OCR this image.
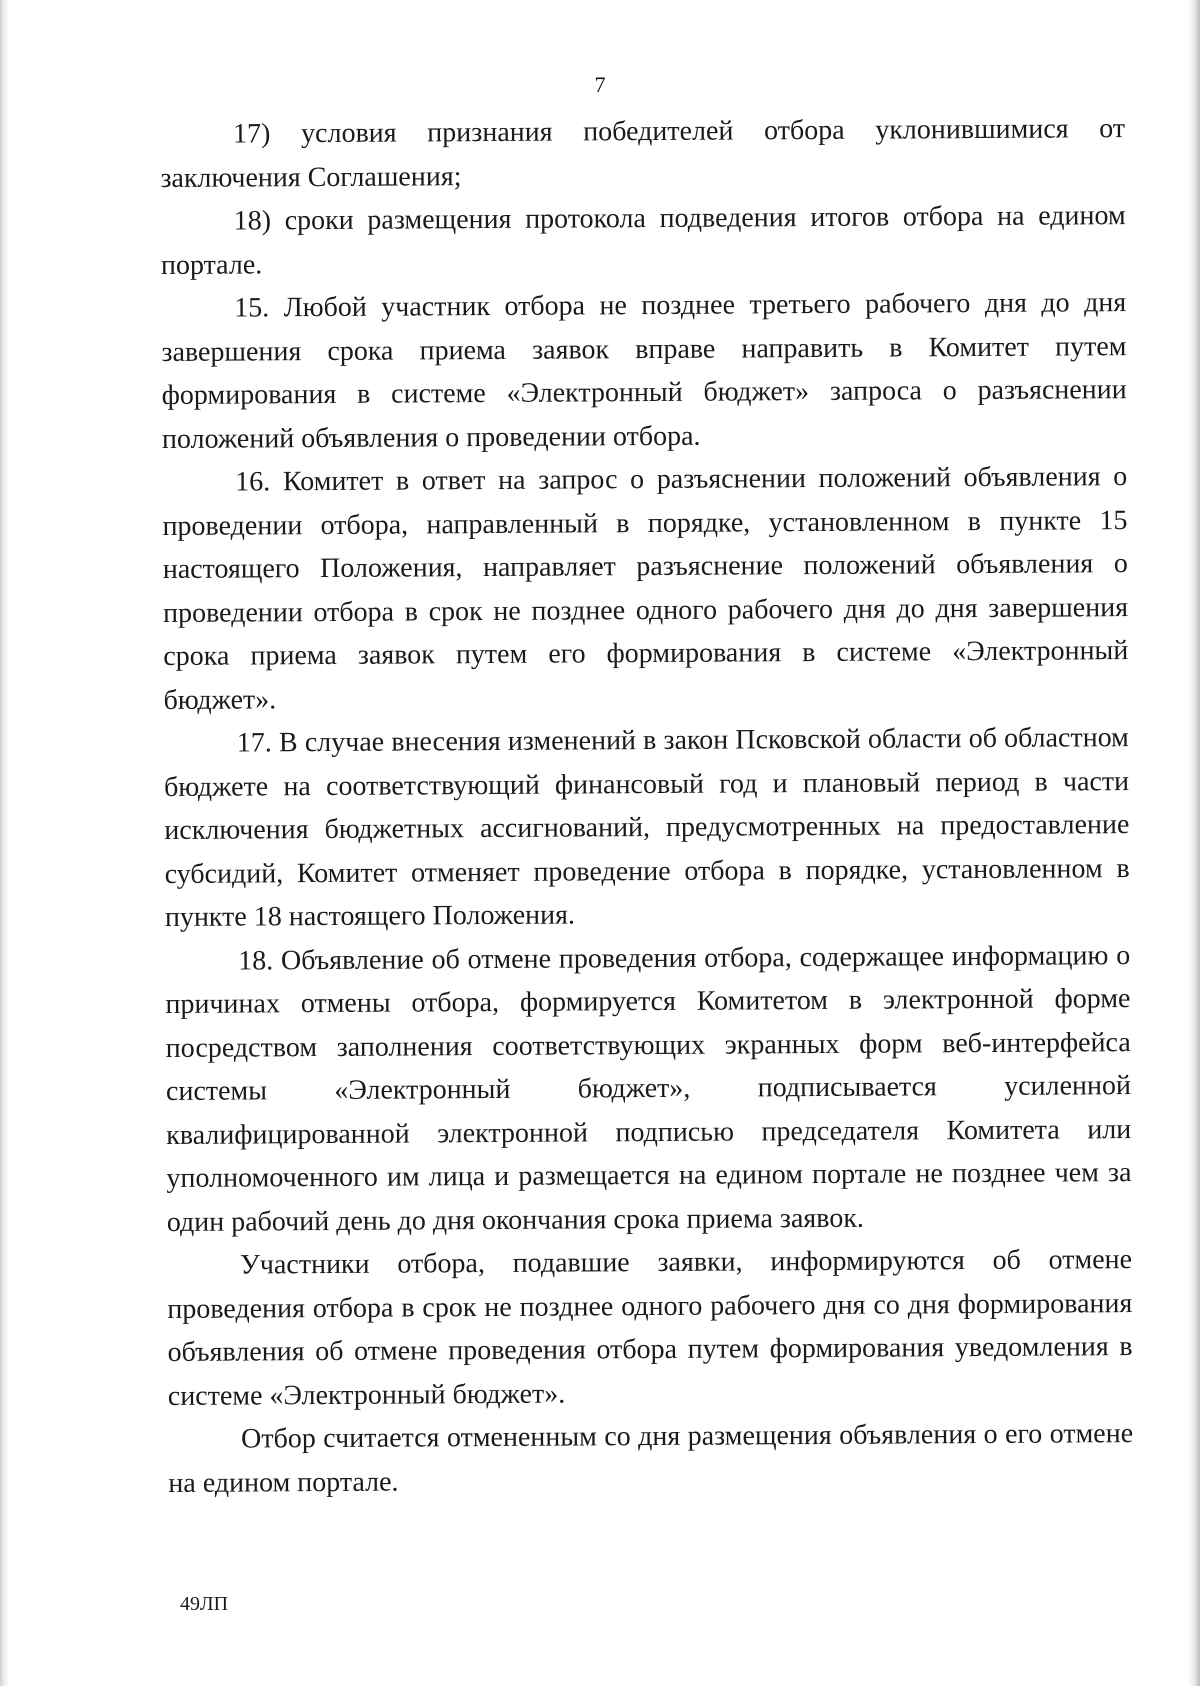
7

17) условия признания победителей отбора уклонившимися от заключения Соглашения;

18) сроки размещения протокола подведения итогов отбора на едином портале.

15. Любой участник отбора не позднее третьего рабочего дня до дня завершения срока приема заявок вправе направить в Комитет путем формирования в системе «Электронный бюджет» запроса о разъяснении положений объявления о проведении отбора.

16. Комитет в ответ на запрос о разъяснении положений объявления о проведении отбора, направленный в порядке, установленном в пункте 15 настоящего Положения, направляет разъяснение положений объявления о проведении отбора в срок не позднее одного рабочего дня до дня завершения срока приема заявок путем его формирования в системе «Электронный бюджет».

17. В случае внесения изменений в закон Псковской области об областном бюджете на соответствующий финансовый год и плановый период в части исключения бюджетных ассигнований, предусмотренных на предоставление субсидий, Комитет отменяет проведение отбора в порядке, установленном в пункте 18 настоящего Положения.

18. Объявление об отмене проведения отбора, содержащее информацию о причинах отмены отбора, формируется Комитетом в электронной форме посредством заполнения соответствующих экранных форм веб-интерфейса системы «Электронный бюджет», подписывается усиленной квалифицированной электронной подписью председателя Комитета или уполномоченного им лица и размещается на едином портале не позднее чем за один рабочий день до дня окончания срока приема заявок.

Участники отбора, подавшие заявки, информируются об отмене проведения отбора в срок не позднее одного рабочего дня со дня формирования объявления об отмене проведения отбора путем формирования уведомления в системе «Электронный бюджет».

Отбор считается отмененным со дня размещения объявления о его отмене на едином портале.

49ЛП
